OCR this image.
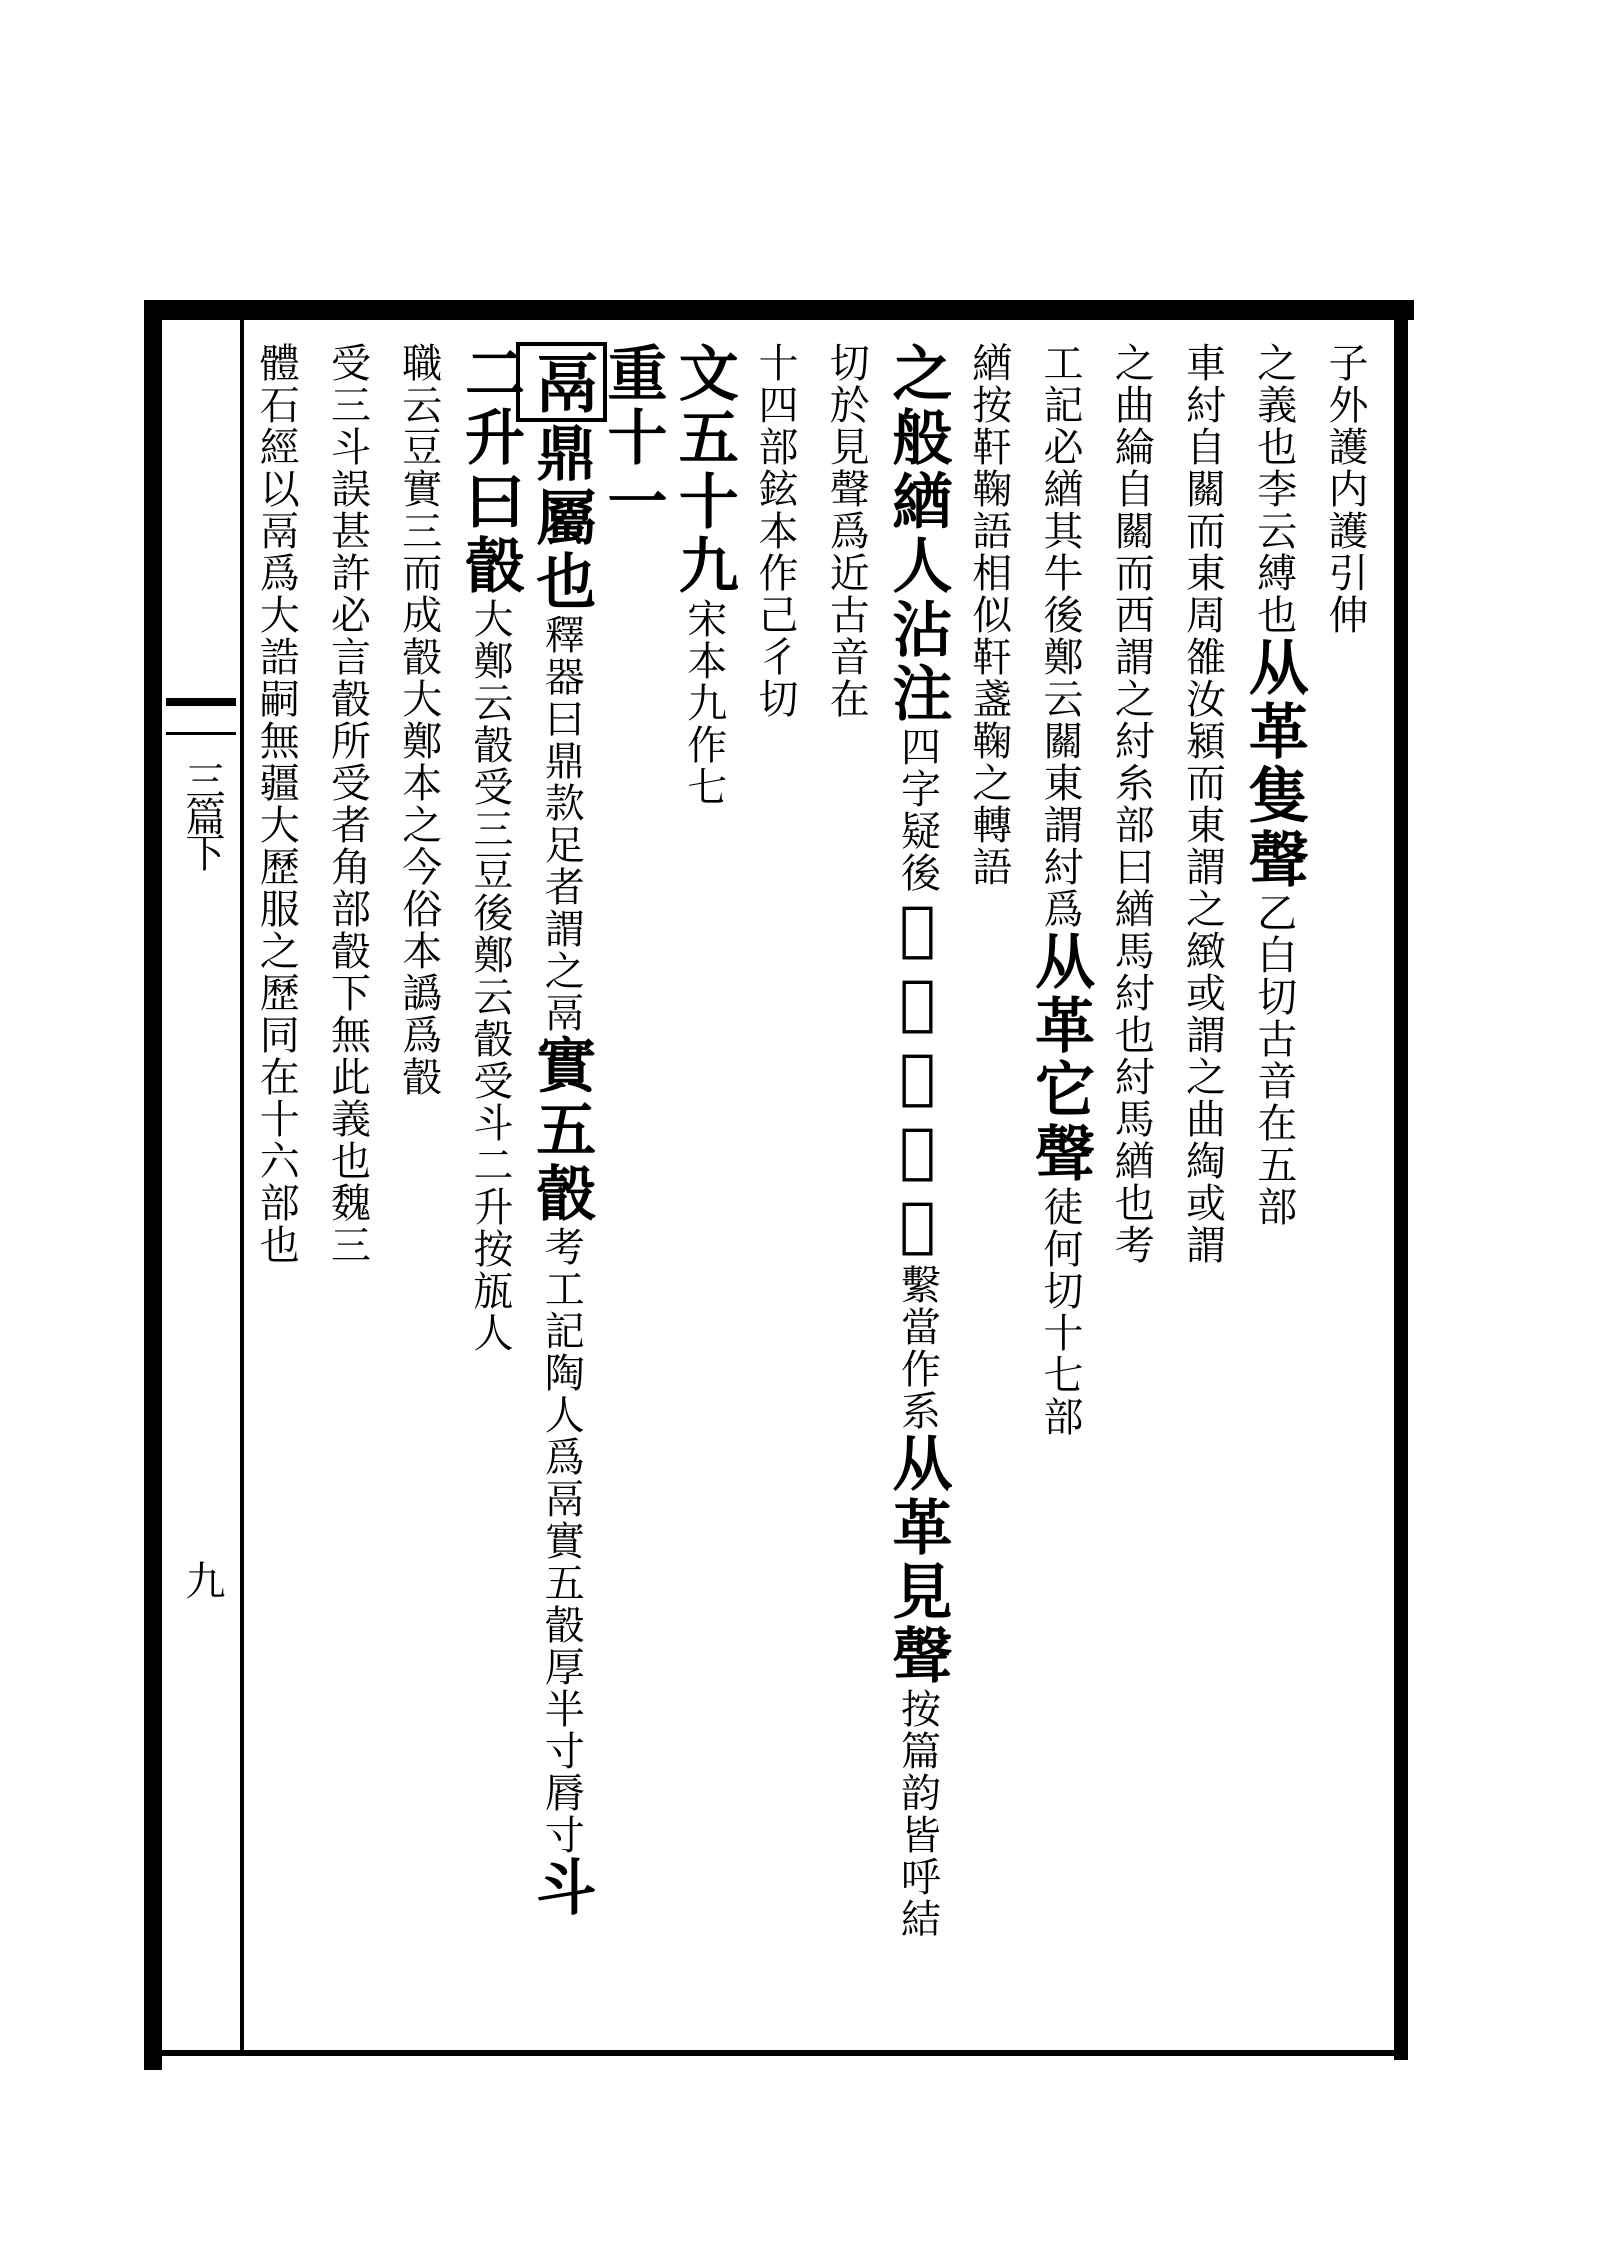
三篇下
九
子外護内護引伸
之義也李云縛也从革隻聲乙白切古音在五部
車紂自關而東周雒汝潁而東謂之緻或謂之曲綯或謂
之曲綸自關而西謂之紂糸部曰緧馬紂也紂馬緧也考
工記必緧其牛後鄭云關東謂紂爲从革它聲徒何切十七部
緧按靬鞠語相似靬盞鞠之轉語
之般緧人沾注四字疑後𩍐繫牛脛也繫當作系从革見聲按篇韵皆呼結
切於見聲爲近古音在
十四部鉉本作己彳切
文五十九宋本九作七
重十一
鬲鼎屬也釋器曰鼎款足者謂之鬲實五瞉考工記陶人爲鬲實五瞉厚半寸脣寸斗
二升曰瞉大鄭云瞉受三豆後鄭云瞉受斗二升按瓬人
職云豆實三而成瞉大鄭本之今俗本譌爲瞉
受三斗誤甚許必言瞉所受者角部瞉下無此義也魏三
體石經以鬲爲大誥嗣無疆大歷服之歷同在十六部也
